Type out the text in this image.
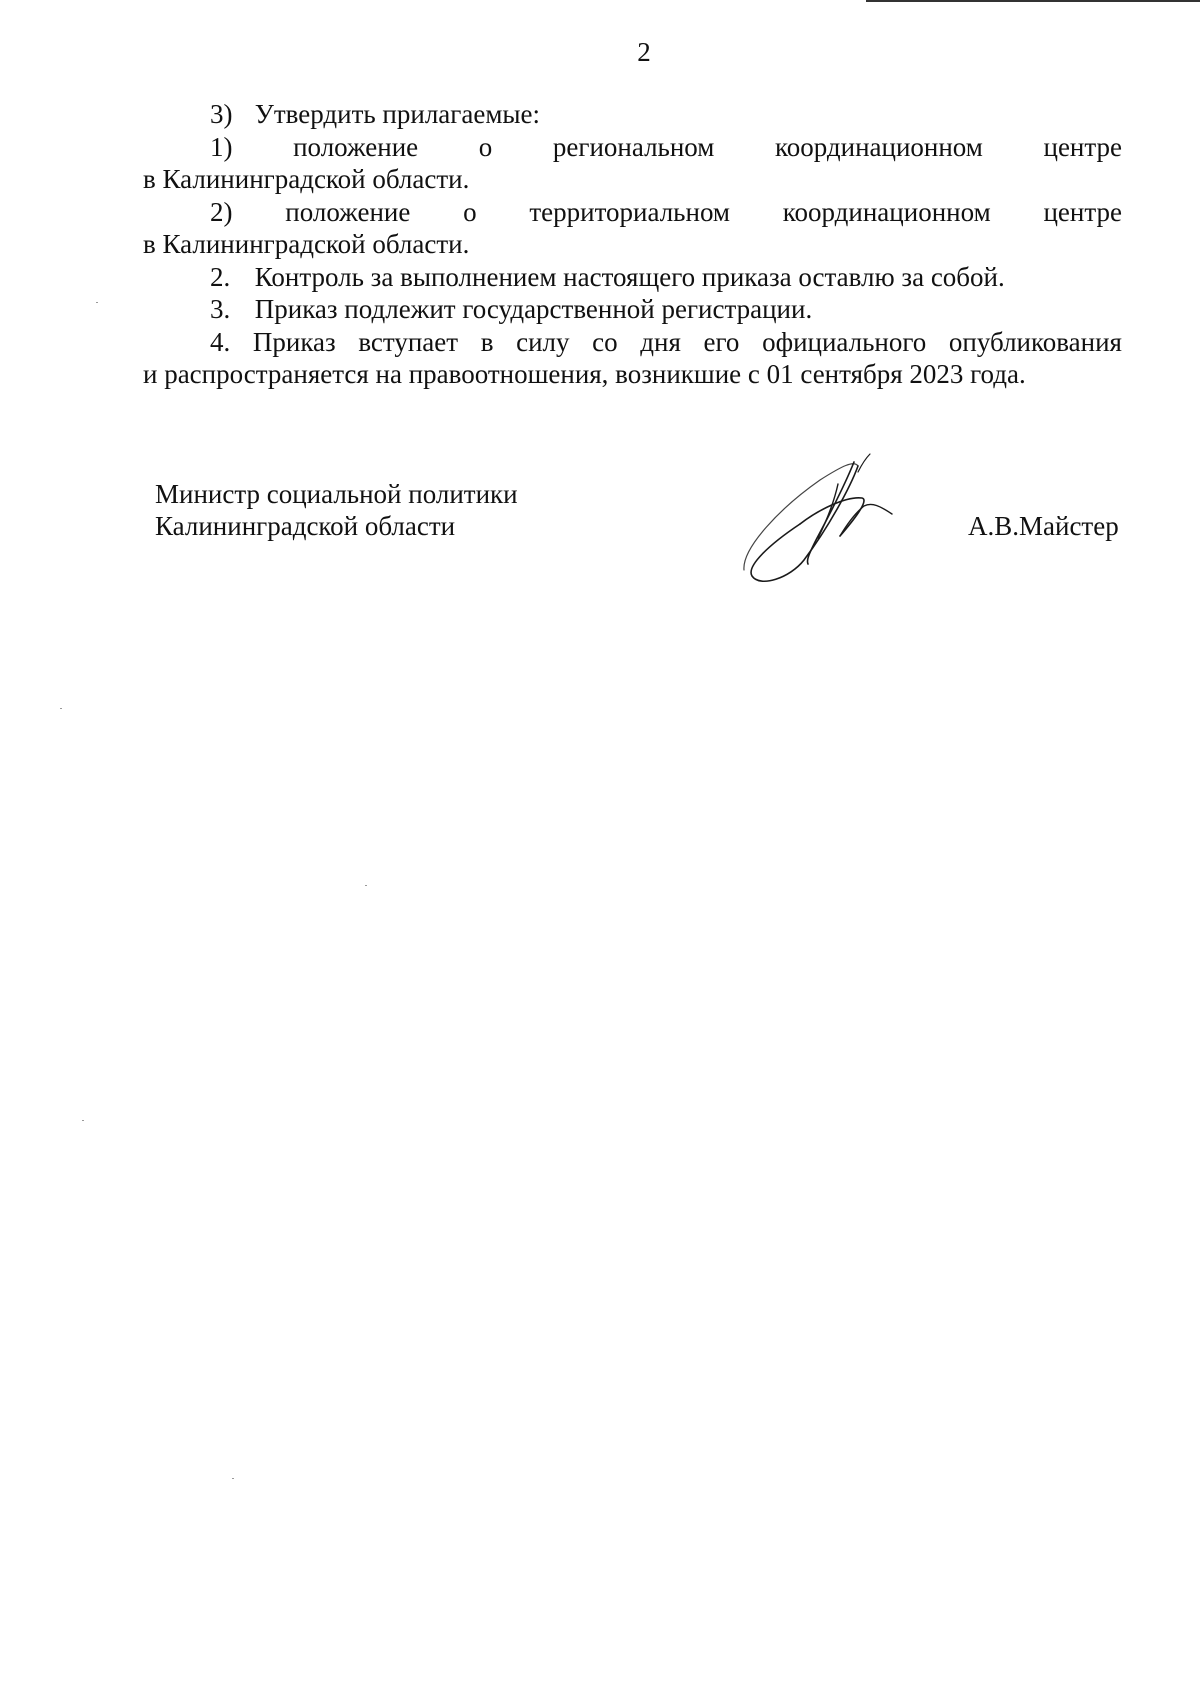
2

3) Утвердить прилагаемые:

1) положение о региональном координационном центре

в Калининградской области.

2) положение о территориальном координационном центре

в Калининградской области.

2. Контроль за выполнением настоящего приказа оставлю за собой.

3. Приказ подлежит государственной регистрации.

4. Приказ вступает в силу со дня его официального опубликования

и распространяется на правоотношения, возникшие с 01 сентября 2023 года.

Министр социальной политики
Калининградской области	А.В.Майстер
